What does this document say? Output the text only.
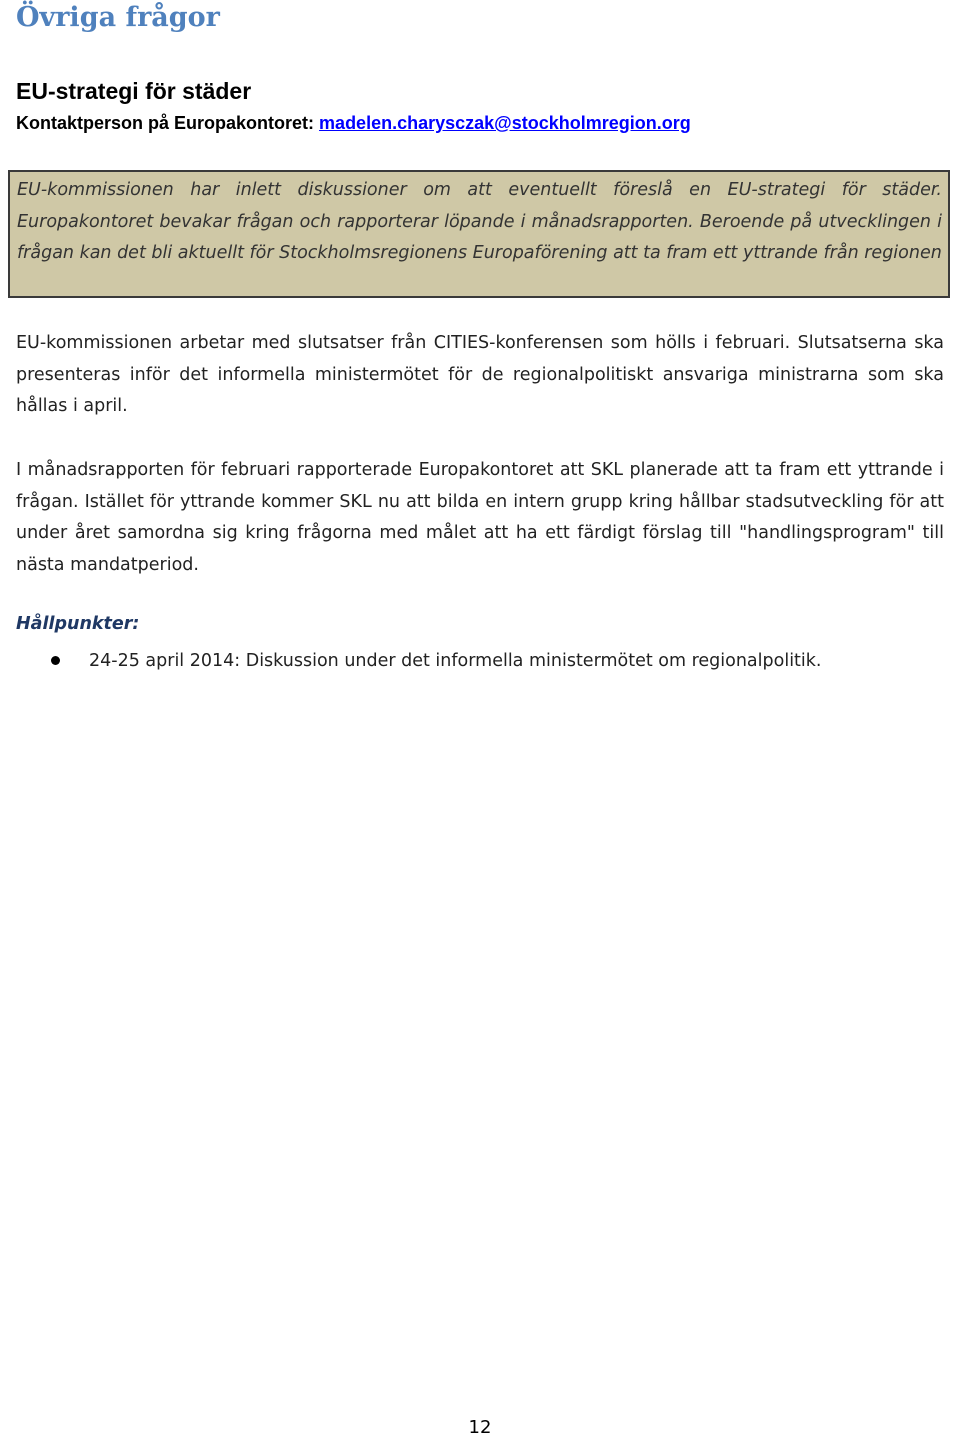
Övriga frågor
EU-strategi för städer
Kontaktperson på Europakontoret: madelen.charysczak@stockholmregion.org

EU-kommissionen har inlett diskussioner om att eventuellt föreslå en EU-strategi för städer. Europakontoret bevakar frågan och rapporterar löpande i månadsrapporten. Beroende på utvecklingen i frågan kan det bli aktuellt för Stockholmsregionens Europaförening att ta fram ett yttrande från regionen

EU-kommissionen arbetar med slutsatser från CITIES-konferensen som hölls i februari. Slutsatserna ska presenteras inför det informella ministermötet för de regionalpolitiskt ansvariga ministrarna som ska hållas i april.

I månadsrapporten för februari rapporterade Europakontoret att SKL planerade att ta fram ett yttrande i frågan. Istället för yttrande kommer SKL nu att bilda en intern grupp kring hållbar stadsutveckling för att under året samordna sig kring frågorna med målet att ha ett färdigt förslag till "handlingsprogram" till nästa mandatperiod.

Hållpunkter:
24-25 april 2014: Diskussion under det informella ministermötet om regionalpolitik.
12
